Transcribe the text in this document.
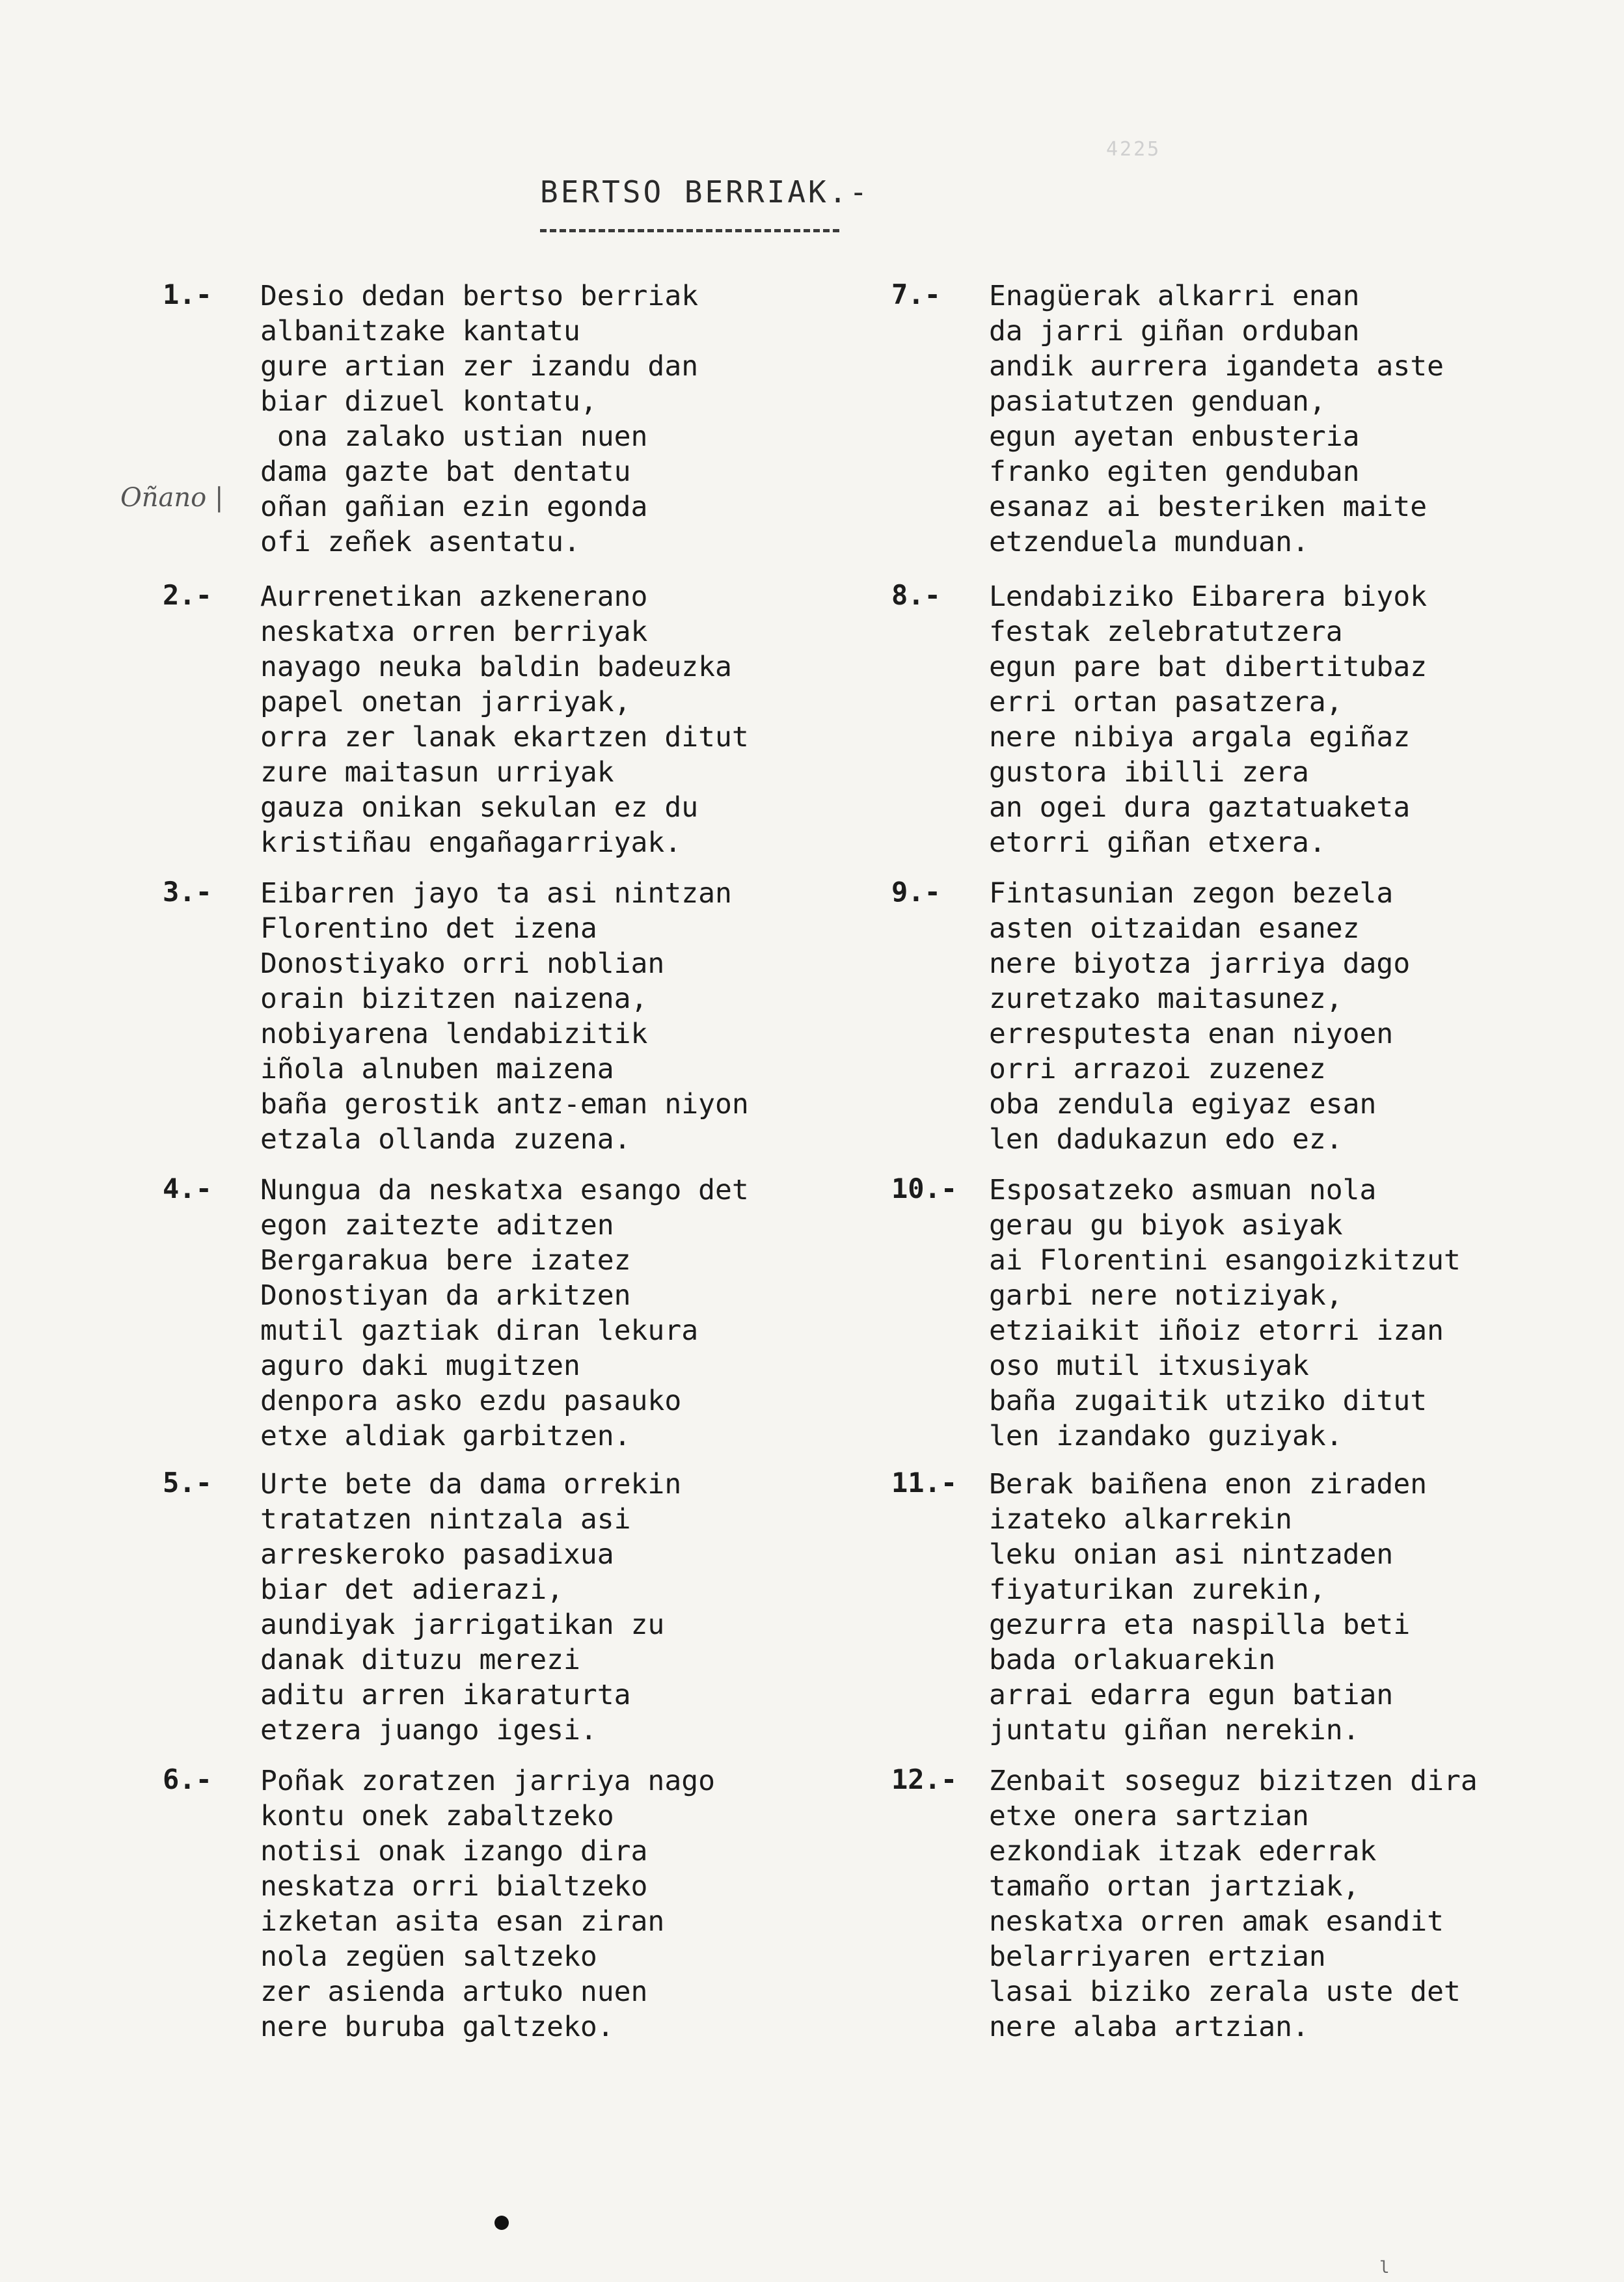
BERTSO BERRIAK.-
4225
Oñano |
1.- Desio dedan bertso berriak
albanitzake kantatu
gure artian zer izandu dan
biar dizuel kontatu,
ona zalako ustian nuen
dama gazte bat dentatu
oñan gañian ezin egonda
ofi zeñek asentatu.
2.- Aurrenetikan azkenerano
neskatxa orren berriyak
nayago neuka baldin badeuzka
papel onetan jarriyak,
orra zer lanak ekartzen ditut
zure maitasun urriyak
gauza onikan sekulan ez du
kristiñau engañagarriyak.
3.- Eibarren jayo ta asi nintzan
Florentino det izena
Donostiyako orri noblian
orain bizitzen naizena,
nobiyarena lendabizitik
iñola alnuben maizena
baña gerostik antz-eman niyon
etzala ollanda zuzena.
4.- Nungua da neskatxa esango det
egon zaitezte aditzen
Bergarakua bere izatez
Donostiyan da arkitzen
mutil gaztiak diran lekura
aguro daki mugitzen
denpora asko ezdu pasauko
etxe aldiak garbitzen.
5.- Urte bete da dama orrekin
tratatzen nintzala asi
arreskeroko pasadixua
biar det adierazi,
aundiyak jarrigatikan zu
danak dituzu merezi
aditu arren ikaraturta
etzera juango igesi.
6.- Poñak zoratzen jarriya nago
kontu onek zabaltzeko
notisi onak izango dira
neskatza orri bialtzeko
izketan asita esan ziran
nola zegüen saltzeko
zer asienda artuko nuen
nere buruba galtzeko.
7.- Enagüerak alkarri enan
da jarri giñan orduban
andik aurrera igandeta aste
pasiatutzen genduan,
egun ayetan enbusteria
franko egiten genduban
esanaz ai besteriken maite
etzenduela munduan.
8.- Lendabiziko Eibarera biyok
festak zelebratutzera
egun pare bat dibertitubaz
erri ortan pasatzera,
nere nibiya argala egiñaz
gustora ibilli zera
an ogei dura gaztatuaketa
etorri giñan etxera.
9.- Fintasunian zegon bezela
asten oitzaidan esanez
nere biyotza jarriya dago
zuretzako maitasunez,
erresputesta enan niyoen
orri arrazoi zuzenez
oba zendula egiyaz esan
len dadukazun edo ez.
10.- Esposatzeko asmuan nola
gerau gu biyok asiyak
ai Florentini esangoizkitzut
garbi nere notiziyak,
etziaikit iñoiz etorri izan
oso mutil itxusiyak
baña zugaitik utziko ditut
len izandako guziyak.
11.- Berak baiñena enon ziraden
izateko alkarrekin
leku onian asi nintzaden
fiyaturikan zurekin,
gezurra eta naspilla beti
bada orlakuarekin
arrai edarra egun batian
juntatu giñan nerekin.
12.- Zenbait soseguz bizitzen dira
etxe onera sartzian
ezkondiak itzak ederrak
tamaño ortan jartziak,
neskatxa orren amak esandit
belarriyaren ertzian
lasai biziko zerala uste det
nere alaba artzian.
l
